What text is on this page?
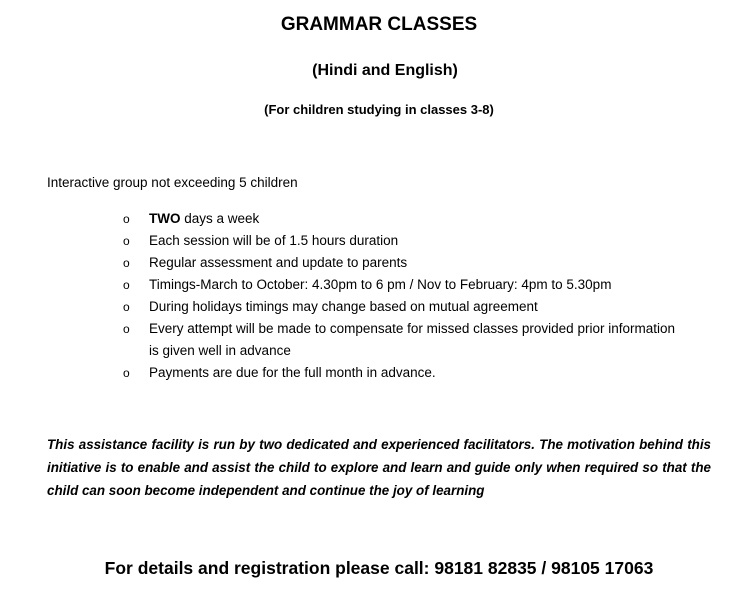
GRAMMAR CLASSES
(Hindi and English)
(For children studying in classes 3-8)
Interactive group not exceeding 5 children
o TWO days a week
o Each session will be of 1.5 hours duration
o Regular assessment and update to parents
o Timings-March to October: 4.30pm to 6 pm / Nov to February: 4pm to 5.30pm
o During holidays timings may change based on mutual agreement
o Every attempt will be made to compensate for missed classes provided prior information is given well in advance
o Payments are due for the full month in advance.
This assistance facility is run by two dedicated and experienced facilitators. The motivation behind this initiative is to enable and assist the child to explore and learn and guide only when required so that the child can soon become independent and continue the joy of learning
For details and registration please call: 98181 82835 / 98105 17063
